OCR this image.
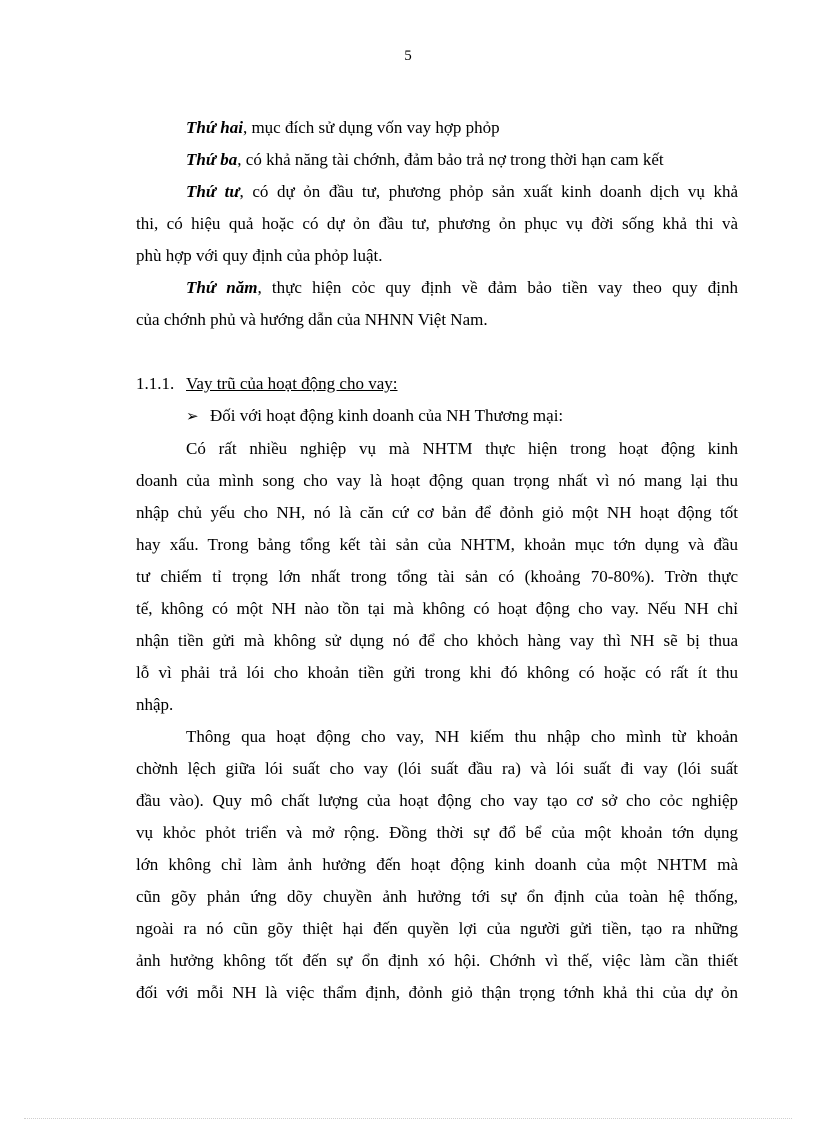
5
Thứ hai, mục đích sử dụng vốn vay hợp phỏp
Thứ ba, có khả năng tài chớnh, đảm bảo trả nợ trong thời hạn cam kết
Thứ tư, có dự ỏn đầu tư, phương phỏp sản xuất kinh doanh dịch vụ khả
thi, có hiệu quả hoặc có dự ỏn đầu tư, phương ỏn phục vụ đời sống khả thi và
phù hợp với quy định của phỏp luật.
Thứ năm, thực hiện cỏc quy định về đảm bảo tiền vay theo quy định
của chớnh phủ và hướng dẫn của NHNN Việt Nam.
1.1.1. Vay trũ của hoạt động cho vay:
➢ Đối với hoạt động kinh doanh của NH Thương mại:
Có rất nhiều nghiệp vụ mà NHTM thực hiện trong hoạt động kinh
doanh của mình song cho vay là hoạt động quan trọng nhất vì nó mang lại thu
nhập chủ yếu cho NH, nó là căn cứ cơ bản để đỏnh giỏ một NH hoạt động tốt
hay xấu. Trong bảng tổng kết tài sản của NHTM, khoản mục tớn dụng và đầu
tư chiếm tỉ trọng lớn nhất trong tổng tài sản có (khoảng 70-80%). Trờn thực
tế, không có một NH nào tồn tại mà không có hoạt động cho vay. Nếu NH chỉ
nhận tiền gửi mà không sử dụng nó để cho khỏch hàng vay thì NH sẽ bị thua
lỗ vì phải trả lói cho khoản tiền gửi trong khi đó không có hoặc có rất ít thu
nhập.
Thông qua hoạt động cho vay, NH kiếm thu nhập cho mình từ khoản
chờnh lệch giữa lói suất cho vay (lói suất đầu ra) và lói suất đi vay (lói suất
đầu vào). Quy mô chất lượng của hoạt động cho vay tạo cơ sở cho cỏc nghiệp
vụ khỏc phỏt triển và mở rộng. Đồng thời sự đổ bể của một khoản tớn dụng
lớn không chỉ làm ảnh hưởng đến hoạt động kinh doanh của một NHTM mà
cũn gõy phản ứng dõy chuyền ảnh hưởng tới sự ổn định của toàn hệ thống,
ngoài ra nó cũn gõy thiệt hại đến quyền lợi của người gửi tiền, tạo ra những
ảnh hưởng không tốt đến sự ổn định xó hội. Chớnh vì thế, việc làm cần thiết
đối với mỗi NH là việc thẩm định, đỏnh giỏ thận trọng tớnh khả thi của dự ỏn
